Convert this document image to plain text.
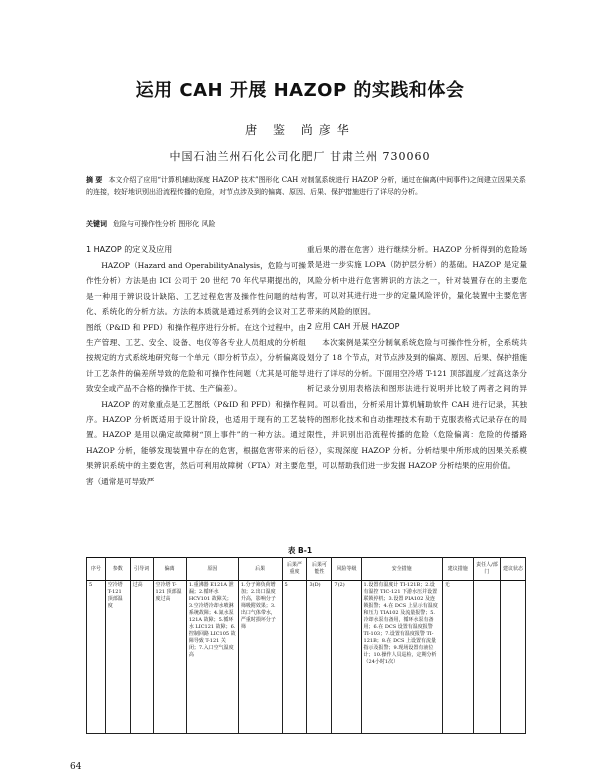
运用 CAH 开展 HAZOP 的实践和体会
唐 鉴 尚彦华
中国石油兰州石化公司化肥厂 甘肃兰州 730060
摘 要 本文介绍了应用“计算机辅助深度 HAZOP 技术”图形化 CAH 对制氢系统进行 HAZOP 分析，通过在偏离(中间事件)之间建立因果关系的连接，较好地识别出沿流程传播的危险，对节点涉及到的偏离、原因、后果、保护措施进行了详尽的分析。
关键词 危险与可操作性分析 图形化 风险
1 HAZOP 的定义及应用

HAZOP（Hazard and OperabilityAnalysis，危险与可操作性分析）方法是由 ICI 公司于 20 世纪 70 年代早期提出的，是一种用于辨识设计缺陷、工艺过程危害及操作性问题的结构化、系统化的分析方法。方法的本质就是通过系列的会议对工艺图纸（P&ID 和 PFD）和操作程序进行分析。在这个过程中，由生产管理、工艺、安全、设备、电仪等各专业人员组成的分析组按规定的方式系统地研究每一个单元（即分析节点），分析偏离设计工艺条件的偏差所导致的危险和可操作性问题（尤其是可能导致安全或产品不合格的操作干扰、生产偏差）。

HAZOP 的对象重点是工艺图纸（P&ID 和 PFD）和操作程序。HAZOP 分析既适用于设计阶段，也适用于现有的工艺装置。HAZOP 是用以确定故障树“顶上事件”的一种方法。通过 HAZOP 分析，能够发现装置中存在的危害，根据危害带来的后果辨识系统中的主要危害，然后可利用故障树（FTA）对主要危害（通常是可导致严

重后果的潜在危害）进行继续分析。HAZOP 分析得到的危险场景是进一步实施 LOPA（防护层分析）的基础。HAZOP 是定量风险分析中进行危害辨识的方法之一，针对装置存在的主要危害，可以对其进行进一步的定量风险评价，量化装置中主要危害带来的风险的原因。

2 应用 CAH 开展 HAZOP

本次案例是某空分制氧系统危险与可操作性分析，全系统共划分了 18 个节点，对节点涉及到的偏离、原因、后果、保护措施进行了详尽的分析。下面用空冷塔 T-121 顶部温度／过高这条分析记录分别用表格法和图形法进行说明并比较了两者之间的异同。可以看出，分析采用计算机辅助软件 CAH 进行记录，其独特的图形化技术和自动推理技术有助于克服表格式记录存在的局限性，并识别出沿流程传播的危险（危险偏离：危险的传播路径），实现深度 HAZOP 分析。分析结果中所形成的因果关系模型，可以帮助我们进一步发掘 HAZOP 分析结果的应用价值。

表 B-1
序号	参数	引导词	偏离	原因	后果	后果严重度	后果可能性	风险等级	安全措施	建议措施	责任人/部门	建议状态
5	空冷塔 T-121 顶部温度	过高	空冷塔 T-121 顶部温度过高	1.重沸器 E121A 泄漏；2.循环水 HCV101 故障关；3.空冷塔冷却水喷淋系统故障；4.氮水泵 121A 故障；5.循环水 LIC121 故障；6.控制回路 LIC105 故障导致 T-121 关闭；7.入口空气温度高	1.分子筛负荷增加；2.出口温度升高，影响分子筛吸附效果；3.出口气体带水，严重时损坏分子筛	5	3(D)	7(2)	1.设置有温度计 TI-121B；2.设有温控 TIC-121 下游水压并设置联锁停机；3.设置 PIA102 及连锁报警；4.在 DCS 上显示有温度和压力 TIA102 及流量报警；5.冷却水泵有备用，循环水泵有备用；6.在 DCS 设置有温度报警 TI-103；7.设置有温度报警 TI-121B；8.在 DCS 上设置有流量指示及报警；9.现场设置有液位计；10.操作人员巡检，定期分析（24小时1次）	无		
64
